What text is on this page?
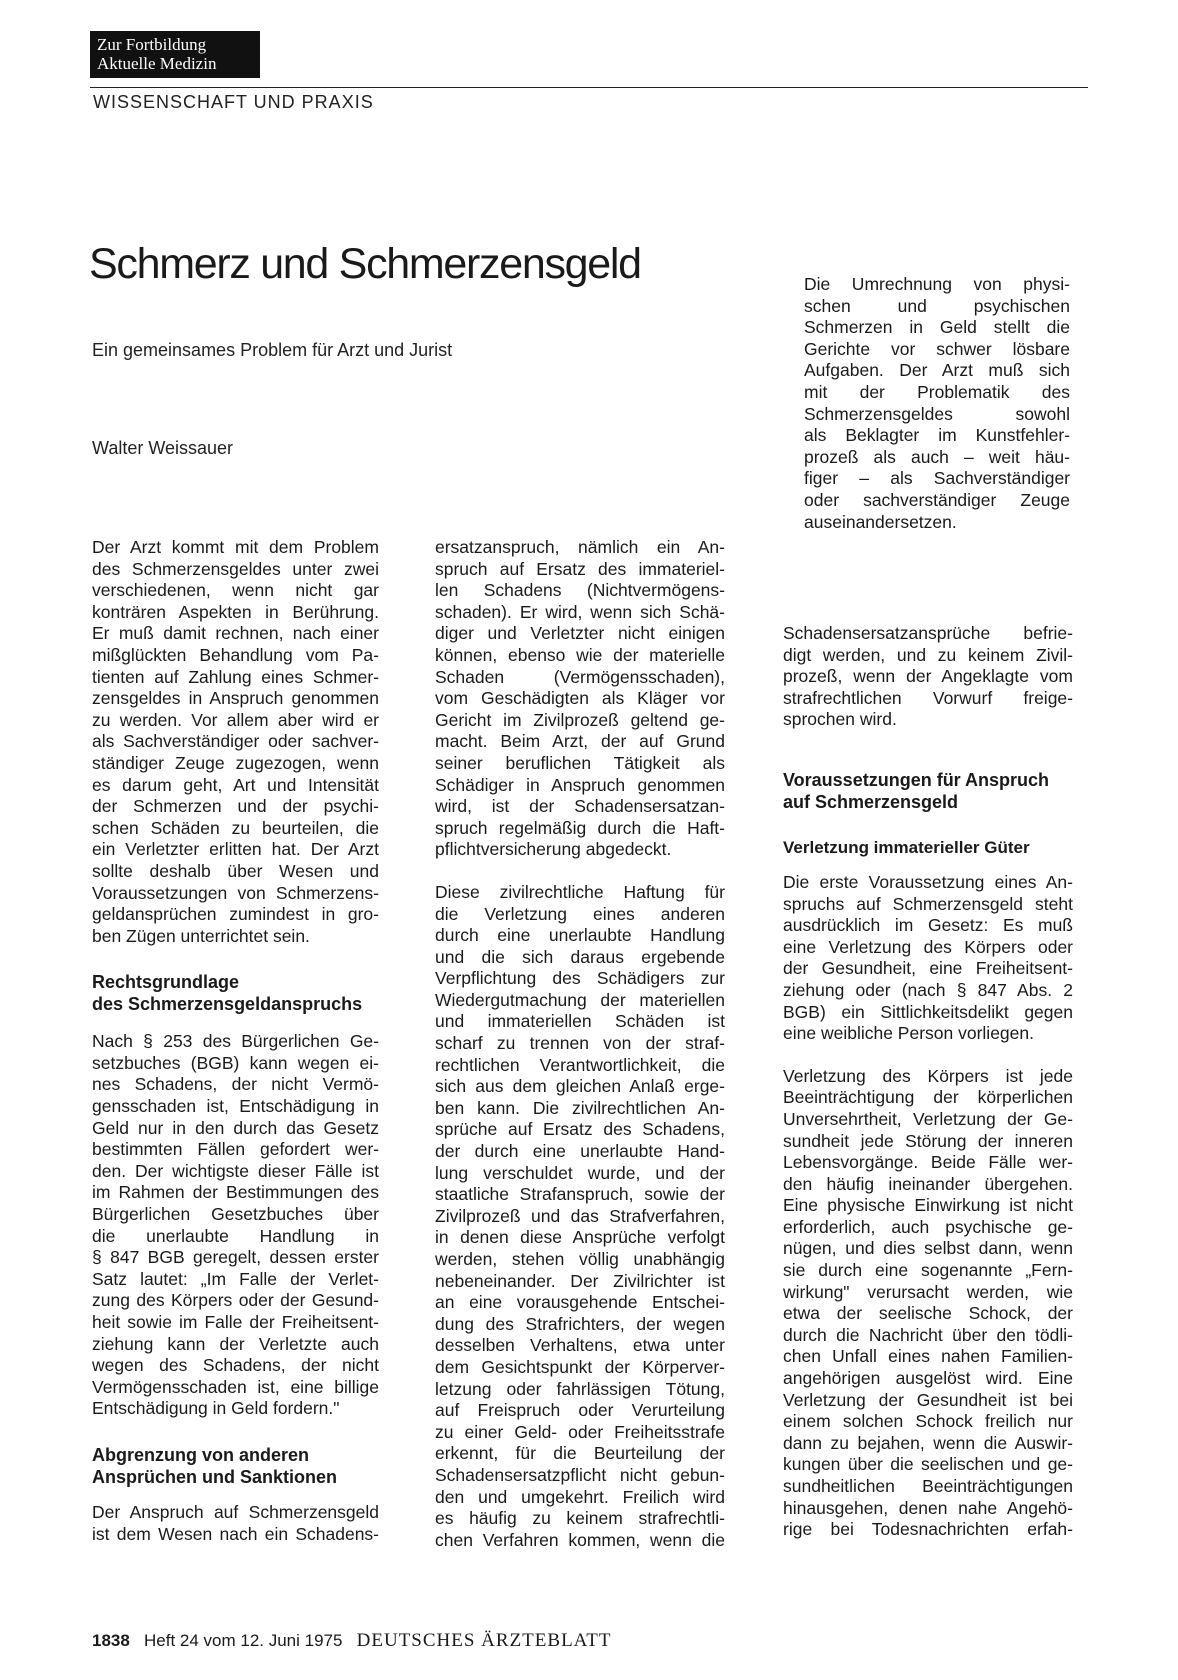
Zur Fortbildung
Aktuelle Medizin
WISSENSCHAFT UND PRAXIS
Schmerz und Schmerzensgeld
Ein gemeinsames Problem für Arzt und Jurist
Walter Weissauer
Die Umrechnung von physi-
schen und psychischen
Schmerzen in Geld stellt die
Gerichte vor schwer lösbare
Aufgaben. Der Arzt muß sich
mit der Problematik des
Schmerzensgeldes sowohl
als Beklagter im Kunstfehler-
prozeß als auch – weit häu-
figer – als Sachverständiger
oder sachverständiger Zeuge
auseinandersetzen.

Der Arzt kommt mit dem Problem
des Schmerzensgeldes unter zwei
verschiedenen, wenn nicht gar
konträren Aspekten in Berührung.
Er muß damit rechnen, nach einer
mißglückten Behandlung vom Pa-
tienten auf Zahlung eines Schmer-
zensgeldes in Anspruch genommen
zu werden. Vor allem aber wird er
als Sachverständiger oder sachver-
ständiger Zeuge zugezogen, wenn
es darum geht, Art und Intensität
der Schmerzen und der psychi-
schen Schäden zu beurteilen, die
ein Verletzter erlitten hat. Der Arzt
sollte deshalb über Wesen und
Voraussetzungen von Schmerzens-
geldansprüchen zumindest in gro-
ben Zügen unterrichtet sein.

Rechtsgrundlage
des Schmerzensgeldanspruchs

Nach § 253 des Bürgerlichen Ge-
setzbuches (BGB) kann wegen ei-
nes Schadens, der nicht Vermö-
gensschaden ist, Entschädigung in
Geld nur in den durch das Gesetz
bestimmten Fällen gefordert wer-
den. Der wichtigste dieser Fälle ist
im Rahmen der Bestimmungen des
Bürgerlichen Gesetzbuches über
die unerlaubte Handlung in
§ 847 BGB geregelt, dessen erster
Satz lautet: „Im Falle der Verlet-
zung des Körpers oder der Gesund-
heit sowie im Falle der Freiheitsent-
ziehung kann der Verletzte auch
wegen des Schadens, der nicht
Vermögensschaden ist, eine billige
Entschädigung in Geld fordern."

Abgrenzung von anderen
Ansprüchen und Sanktionen

Der Anspruch auf Schmerzensgeld
ist dem Wesen nach ein Schadens-

ersatzanspruch, nämlich ein An-
spruch auf Ersatz des immateriel-
len Schadens (Nichtvermögens-
schaden). Er wird, wenn sich Schä-
diger und Verletzter nicht einigen
können, ebenso wie der materielle
Schaden (Vermögensschaden),
vom Geschädigten als Kläger vor
Gericht im Zivilprozeß geltend ge-
macht. Beim Arzt, der auf Grund
seiner beruflichen Tätigkeit als
Schädiger in Anspruch genommen
wird, ist der Schadensersatzan-
spruch regelmäßig durch die Haft-
pflichtversicherung abgedeckt.

Diese zivilrechtliche Haftung für
die Verletzung eines anderen
durch eine unerlaubte Handlung
und die sich daraus ergebende
Verpflichtung des Schädigers zur
Wiedergutmachung der materiellen
und immateriellen Schäden ist
scharf zu trennen von der straf-
rechtlichen Verantwortlichkeit, die
sich aus dem gleichen Anlaß erge-
ben kann. Die zivilrechtlichen An-
sprüche auf Ersatz des Schadens,
der durch eine unerlaubte Hand-
lung verschuldet wurde, und der
staatliche Strafanspruch, sowie der
Zivilprozeß und das Strafverfahren,
in denen diese Ansprüche verfolgt
werden, stehen völlig unabhängig
nebeneinander. Der Zivilrichter ist
an eine vorausgehende Entschei-
dung des Strafrichters, der wegen
desselben Verhaltens, etwa unter
dem Gesichtspunkt der Körperver-
letzung oder fahrlässigen Tötung,
auf Freispruch oder Verurteilung
zu einer Geld- oder Freiheitsstrafe
erkennt, für die Beurteilung der
Schadensersatzpflicht nicht gebun-
den und umgekehrt. Freilich wird
es häufig zu keinem strafrechtli-
chen Verfahren kommen, wenn die

Schadensersatzansprüche befrie-
digt werden, und zu keinem Zivil-
prozeß, wenn der Angeklagte vom
strafrechtlichen Vorwurf freige-
sprochen wird.

Voraussetzungen für Anspruch
auf Schmerzensgeld
Verletzung immaterieller Güter

Die erste Voraussetzung eines An-
spruchs auf Schmerzensgeld steht
ausdrücklich im Gesetz: Es muß
eine Verletzung des Körpers oder
der Gesundheit, eine Freiheitsent-
ziehung oder (nach § 847 Abs. 2
BGB) ein Sittlichkeitsdelikt gegen
eine weibliche Person vorliegen.

Verletzung des Körpers ist jede
Beeinträchtigung der körperlichen
Unversehrtheit, Verletzung der Ge-
sundheit jede Störung der inneren
Lebensvorgänge. Beide Fälle wer-
den häufig ineinander übergehen.
Eine physische Einwirkung ist nicht
erforderlich, auch psychische ge-
nügen, und dies selbst dann, wenn
sie durch eine sogenannte „Fern-
wirkung" verursacht werden, wie
etwa der seelische Schock, der
durch die Nachricht über den tödli-
chen Unfall eines nahen Familien-
angehörigen ausgelöst wird. Eine
Verletzung der Gesundheit ist bei
einem solchen Schock freilich nur
dann zu bejahen, wenn die Auswir-
kungen über die seelischen und ge-
sundheitlichen Beeinträchtigungen
hinausgehen, denen nahe Angehö-
rige bei Todesnachrichten erfah-

1838 Heft 24 vom 12. Juni 1975 DEUTSCHES ÄRZTEBLATT
